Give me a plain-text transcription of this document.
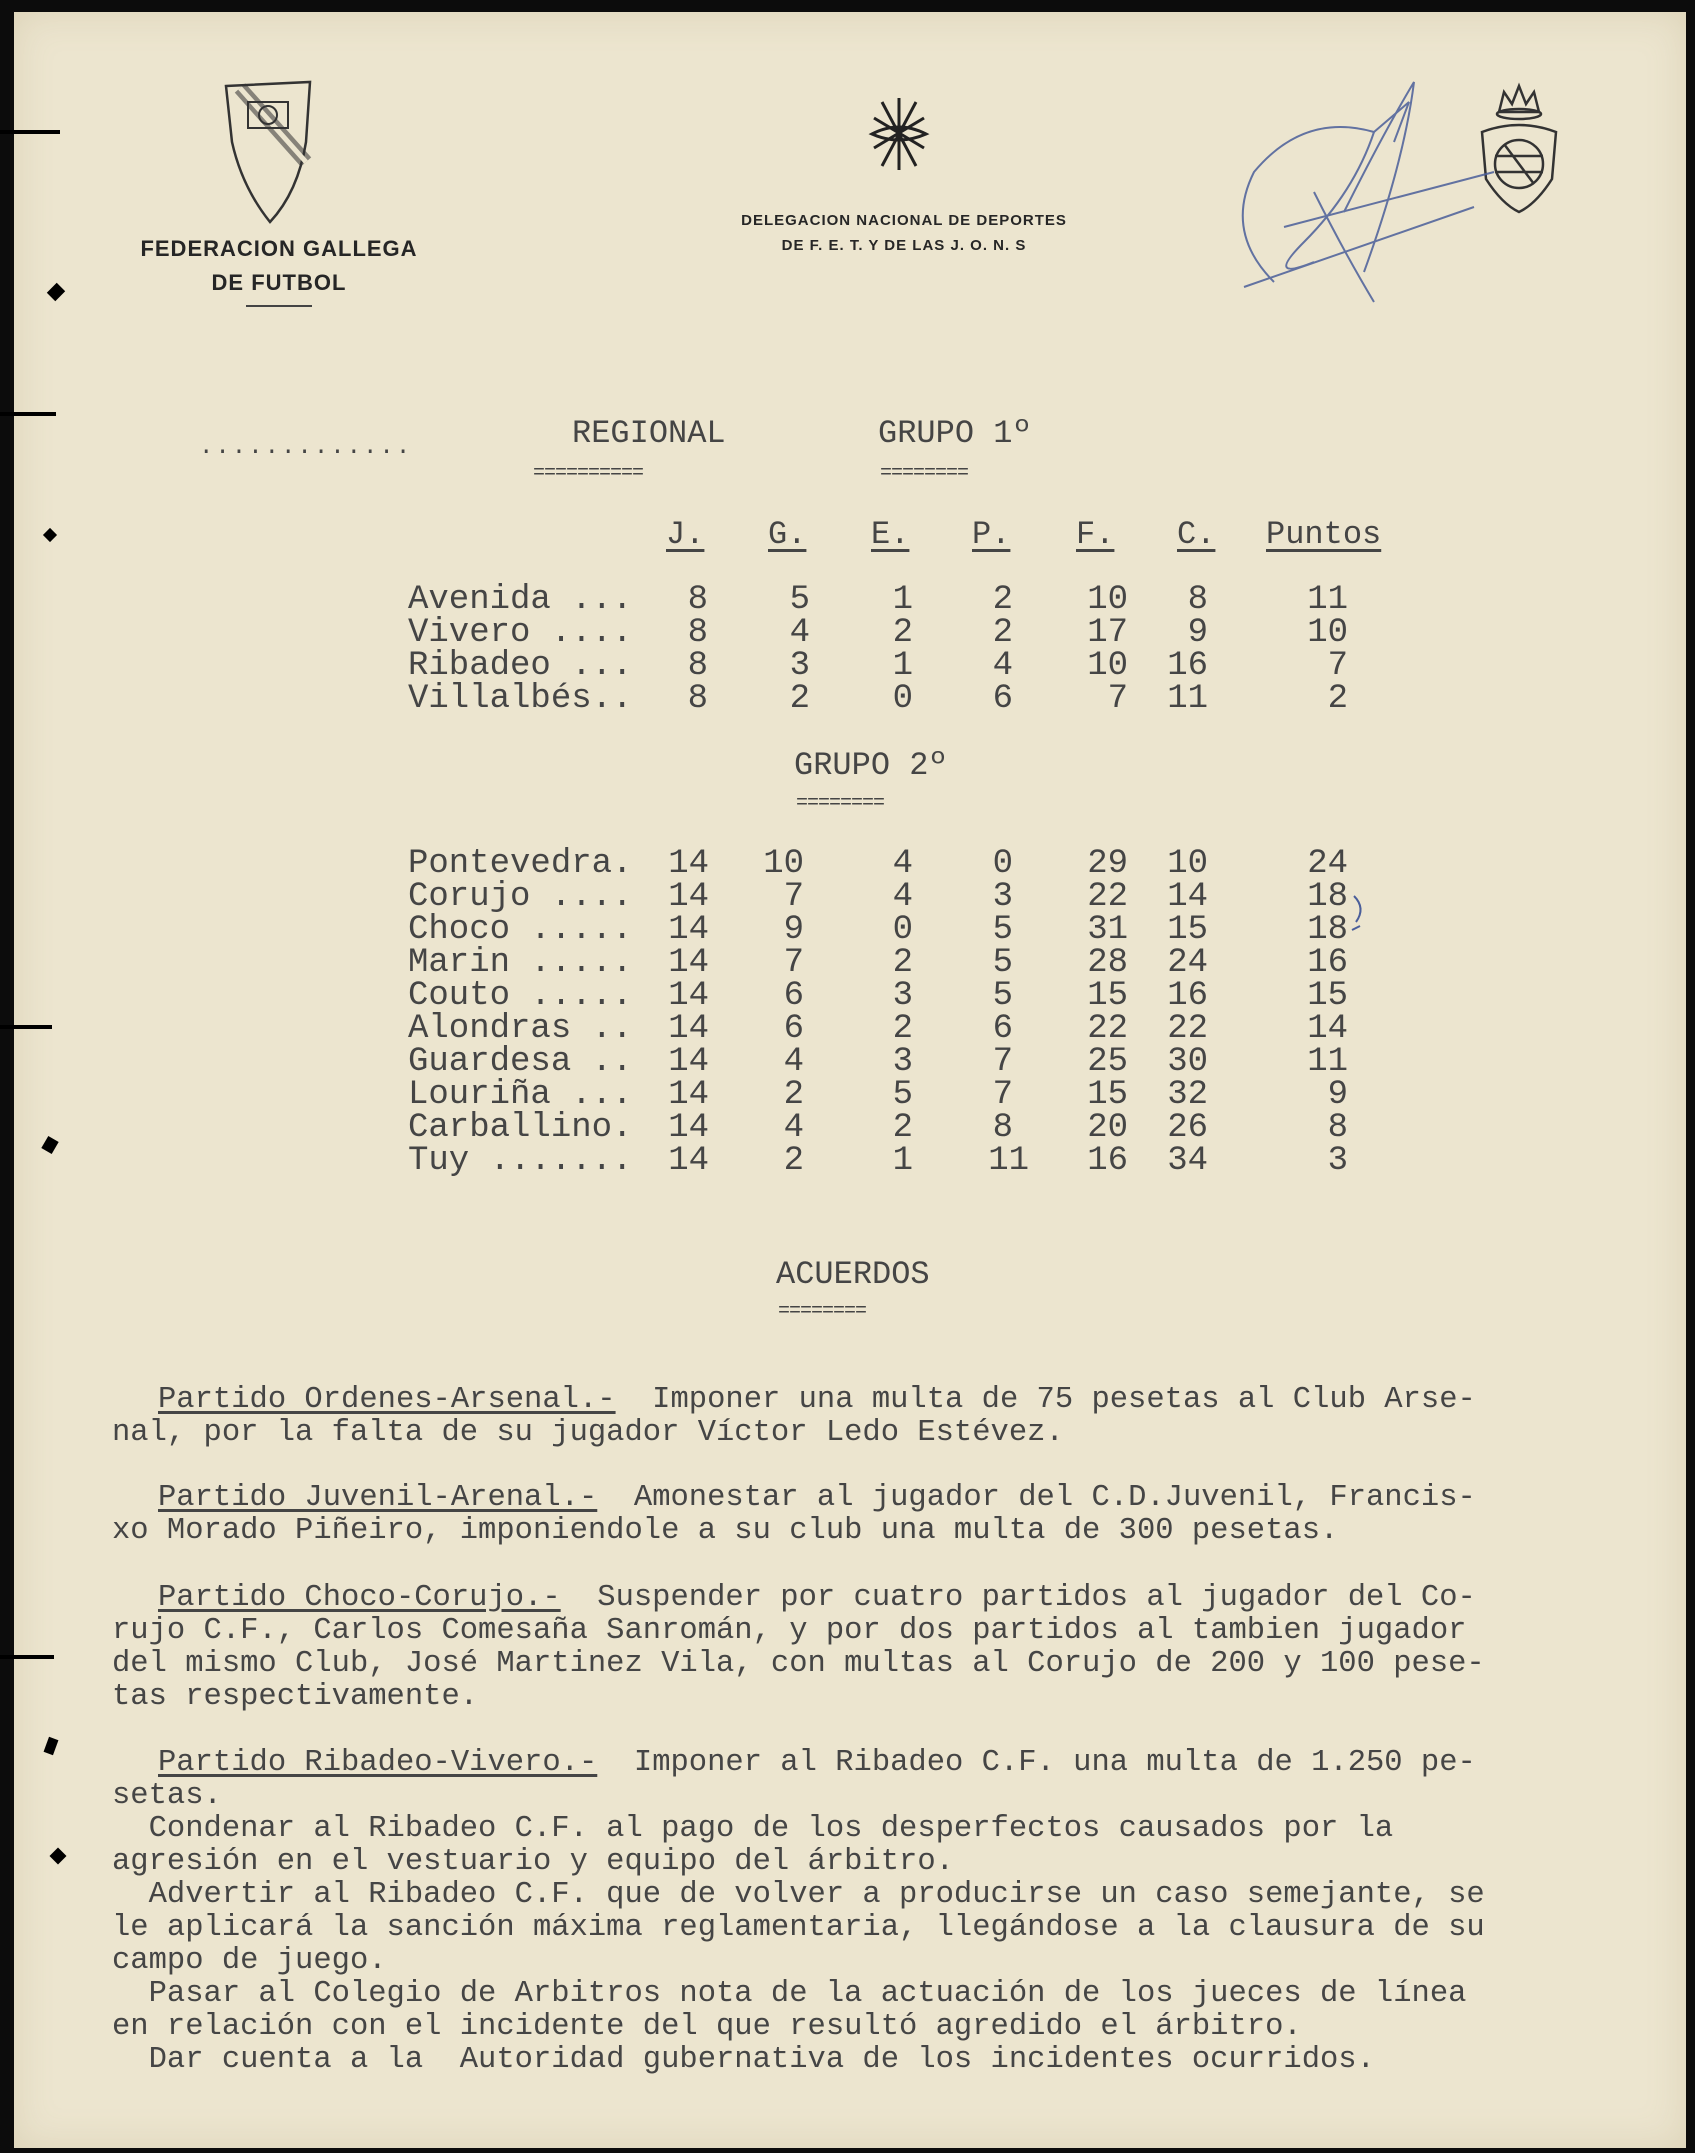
FEDERACION GALLEGA
DE FUTBOL
DELEGACION NACIONAL DE DEPORTES
DE F. E. T. Y DE LAS J. O. N. S
.............	REGIONAL
==========
GRUPO 1º
========
J. G. E. P. F. C. Puntos
Avenida ...	8	5	1	2	10	8	11
Vivero ....	8	4	2	2	17	9	10
Ribadeo ...	8	3	1	4	10	16	7
Villalbés..	8	2	0	6	7	11	2
GRUPO 2º
========
Pontevedra.	14	10	4	0	29	10	24
Corujo ....	14	7	4	3	22	14	18
Choco .....	14	9	0	5	31	15	18
Marin .....	14	7	2	5	28	24	16
Couto .....	14	6	3	5	15	16	15
Alondras ..	14	6	2	6	22	22	14
Guardesa ..	14	4	3	7	25	30	11
Louriña ...	14	2	5	7	15	32	9
Carballino.	14	4	2	8	20	26	8
Tuy .......	14	2	1	11	16	34	3
ACUERDOS
========
Partido Ordenes-Arsenal.-  Imponer una multa de 75 pesetas al Club Arse-
nal, por la falta de su jugador Víctor Ledo Estévez.
Partido Juvenil-Arenal.-  Amonestar al jugador del C.D.Juvenil, Francis-
xo Morado Piñeiro, imponiendole a su club una multa de 300 pesetas.
Partido Choco-Corujo.-  Suspender por cuatro partidos al jugador del Co-
rujo C.F., Carlos Comesaña Sanromán, y por dos partidos al tambien jugador
del mismo Club, José Martinez Vila, con multas al Corujo de 200 y 100 pese-
tas respectivamente.
Partido Ribadeo-Vivero.-  Imponer al Ribadeo C.F. una multa de 1.250 pe-
setas.
Condenar al Ribadeo C.F. al pago de los desperfectos causados por la
agresión en el vestuario y equipo del árbitro.
Advertir al Ribadeo C.F. que de volver a producirse un caso semejante, se
le aplicará la sanción máxima reglamentaria, llegándose a la clausura de su
campo de juego.
Pasar al Colegio de Arbitros nota de la actuación de los jueces de línea
en relación con el incidente del que resultó agredido el árbitro.
Dar cuenta a la  Autoridad gubernativa de los incidentes ocurridos.
